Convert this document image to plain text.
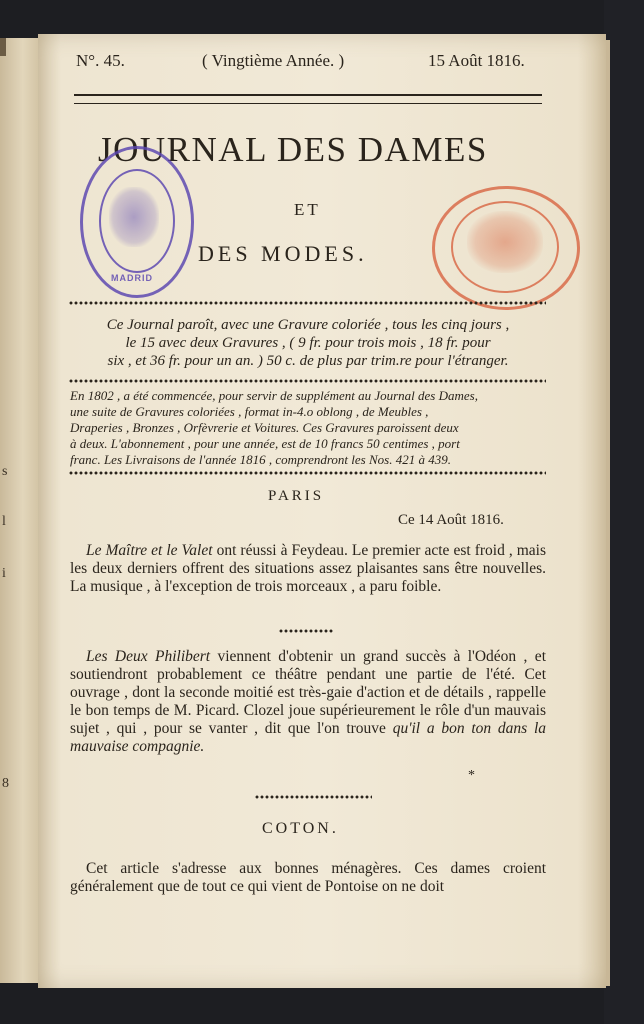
s
l
i
8
N°. 45.	( Vingtième Année. )	15 Août 1816.
JOURNAL DES DAMES
ET
DES MODES.
MADRID
Ce Journal paroît, avec une Gravure coloriée , tous les cinq jours ,
le 15 avec deux Gravures , ( 9 fr. pour trois mois , 18 fr. pour
six , et 36 fr. pour un an. ) 50 c. de plus par trim.re pour l'étranger.
En 1802 , a été commencée, pour servir de supplément au Journal des Dames,
une suite de Gravures coloriées , format in-4.o oblong , de Meubles ,
Draperies , Bronzes , Orfèvrerie et Voitures. Ces Gravures paroissent deux
à deux. L'abonnement , pour une année, est de 10 francs 50 centimes , port
franc. Les Livraisons de l'année 1816 , comprendront les Nos. 421 à 439.
PARIS
Ce 14 Août 1816.
Le Maître et le Valet ont réussi à Feydeau. Le premier acte est froid , mais les deux derniers offrent des situations assez plaisantes sans être nouvelles. La musique , à l'exception de trois morceaux , a paru foible.
Les Deux Philibert viennent d'obtenir un grand succès à l'Odéon , et soutiendront probablement ce théâtre pendant une partie de l'été. Cet ouvrage , dont la seconde moitié est très-gaie d'action et de détails , rappelle le bon temps de M. Picard. Clozel joue supérieurement le rôle d'un mauvais sujet , qui , pour se vanter , dit que l'on trouve qu'il a bon ton dans la mauvaise compagnie.
*
COTON.
Cet article s'adresse aux bonnes ménagères. Ces dames croient généralement que de tout ce qui vient de Pontoise on ne doit
